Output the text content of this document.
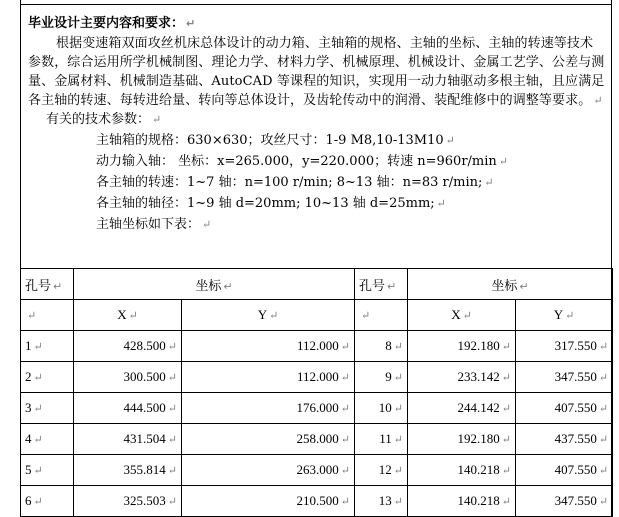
毕业设计主要内容和要求： ↵
根据变速箱双面攻丝机床总体设计的动力箱、主轴箱的规格、主轴的坐标、主轴的转速等技术参数，综合运用所学机械制图、理论力学、材料力学、机械原理、机械设计、金属工艺学、公差与测量、金属材料、机械制造基础、AutoCAD 等课程的知识，实现用一动力轴驱动多根主轴，且应满足各主轴的转速、每转进给量、转向等总体设计，及齿轮传动中的润滑、装配维修中的调整等要求。 ↵
有关的技术参数： ↵
主轴箱的规格：630×630；攻丝尺寸：1-9 M8,10-13M10 ↵
动力输入轴： 坐标：x=265.000，y=220.000；转速 n=960r/min ↵
各主轴的转速：1~7 轴：n=100 r/min; 8~13 轴：n=83 r/min; ↵
各主轴的轴径：1~9 轴 d=20mm; 10~13 轴 d=25mm; ↵
主轴坐标如下表： ↵
孔号 ↵	坐标 ↵		孔号 ↵	坐标 ↵	
↵	X ↵	Y ↵	↵	X ↵	Y ↵
1 ↵	428.500 ↵	112.000 ↵	8 ↵	192.180 ↵	317.550 ↵
2 ↵	300.500 ↵	112.000 ↵	9 ↵	233.142 ↵	347.550 ↵
3 ↵	444.500 ↵	176.000 ↵	10 ↵	244.142 ↵	407.550 ↵
4 ↵	431.504 ↵	258.000 ↵	11 ↵	192.180 ↵	437.550 ↵
5 ↵	355.814 ↵	263.000 ↵	12 ↵	140.218 ↵	407.550 ↵
6 ↵	325.503 ↵	210.500 ↵	13 ↵	140.218 ↵	347.550 ↵
